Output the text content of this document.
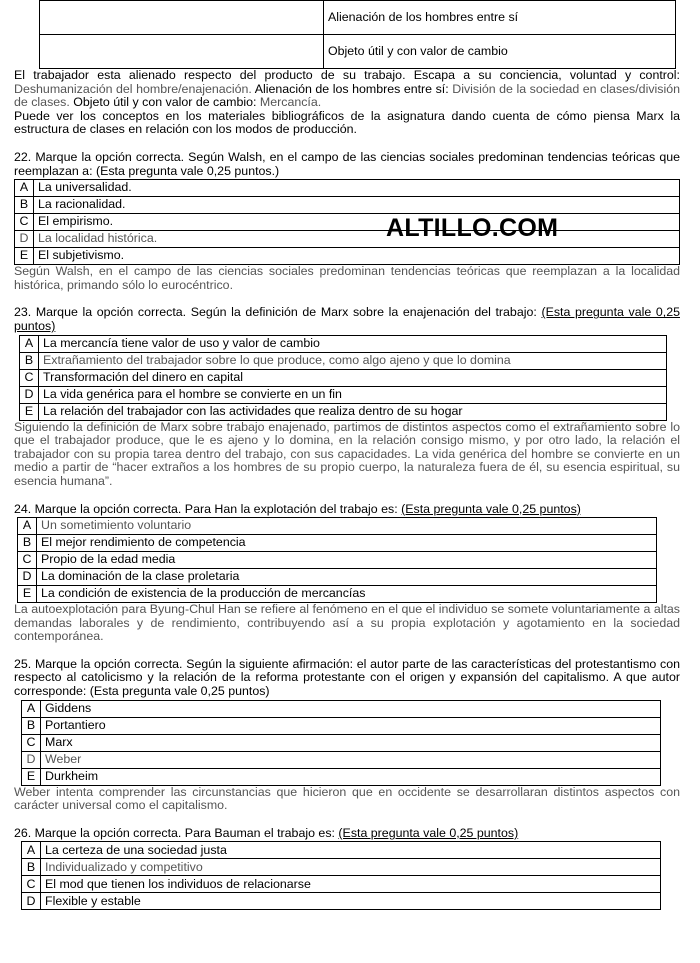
	Alienación de los hombres entre sí
	Objeto útil y con valor de cambio

El trabajador esta alienado respecto del producto de su trabajo. Escapa a su conciencia, voluntad y control: Deshumanización del hombre/enajenación. Alienación de los hombres entre sí: División de la sociedad en clases/división de clases. Objeto útil y con valor de cambio: Mercancía.

Puede ver los conceptos en los materiales bibliográficos de la asignatura dando cuenta de cómo piensa Marx la estructura de clases en relación con los modos de producción.

22. Marque la opción correcta. Según Walsh, en el campo de las ciencias sociales predominan tendencias teóricas que reemplazan a: (Esta pregunta vale 0,25 puntos.)

A	La universalidad.
B	La racionalidad.
C	El empirismo.
D	La localidad histórica.
E	El subjetivismo.

Según Walsh, en el campo de las ciencias sociales predominan tendencias teóricas que reemplazan a la localidad histórica, primando sólo lo eurocéntrico.

23. Marque la opción correcta. Según la definición de Marx sobre la enajenación del trabajo: (Esta pregunta vale 0,25 puntos)

A	La mercancía tiene valor de uso y valor de cambio
B	Extrañamiento del trabajador sobre lo que produce, como algo ajeno y que lo domina
C	Transformación del dinero en capital
D	La vida genérica para el hombre se convierte en un fin
E	La relación del trabajador con las actividades que realiza dentro de su hogar

Siguiendo la definición de Marx sobre trabajo enajenado, partimos de distintos aspectos como el extrañamiento sobre lo que el trabajador produce, que le es ajeno y lo domina, en la relación consigo mismo, y por otro lado, la relación el trabajador con su propia tarea dentro del trabajo, con sus capacidades. La vida genérica del hombre se convierte en un medio a partir de “hacer extraños a los hombres de su propio cuerpo, la naturaleza fuera de él, su esencia espiritual, su esencia humana”.

24. Marque la opción correcta. Para Han la explotación del trabajo es: (Esta pregunta vale 0,25 puntos)

A	Un sometimiento voluntario
B	El mejor rendimiento de competencia
C	Propio de la edad media
D	La dominación de la clase proletaria
E	La condición de existencia de la producción de mercancías

La autoexplotación para Byung-Chul Han se refiere al fenómeno en el que el individuo se somete voluntariamente a altas demandas laborales y de rendimiento, contribuyendo así a su propia explotación y agotamiento en la sociedad contemporánea.

25. Marque la opción correcta. Según la siguiente afirmación: el autor parte de las características del protestantismo con respecto al catolicismo y la relación de la reforma protestante con el origen y expansión del capitalismo. A que autor corresponde: (Esta pregunta vale 0,25 puntos)

A	Giddens
B	Portantiero
C	Marx
D	Weber
E	Durkheim

Weber intenta comprender las circunstancias que hicieron que en occidente se desarrollaran distintos aspectos con carácter universal como el capitalismo.

26. Marque la opción correcta. Para Bauman el trabajo es: (Esta pregunta vale 0,25 puntos)

A	La certeza de una sociedad justa
B	Individualizado y competitivo
C	El mod que tienen los individuos de relacionarse
D	Flexible y estable
ALTILLO.COM
